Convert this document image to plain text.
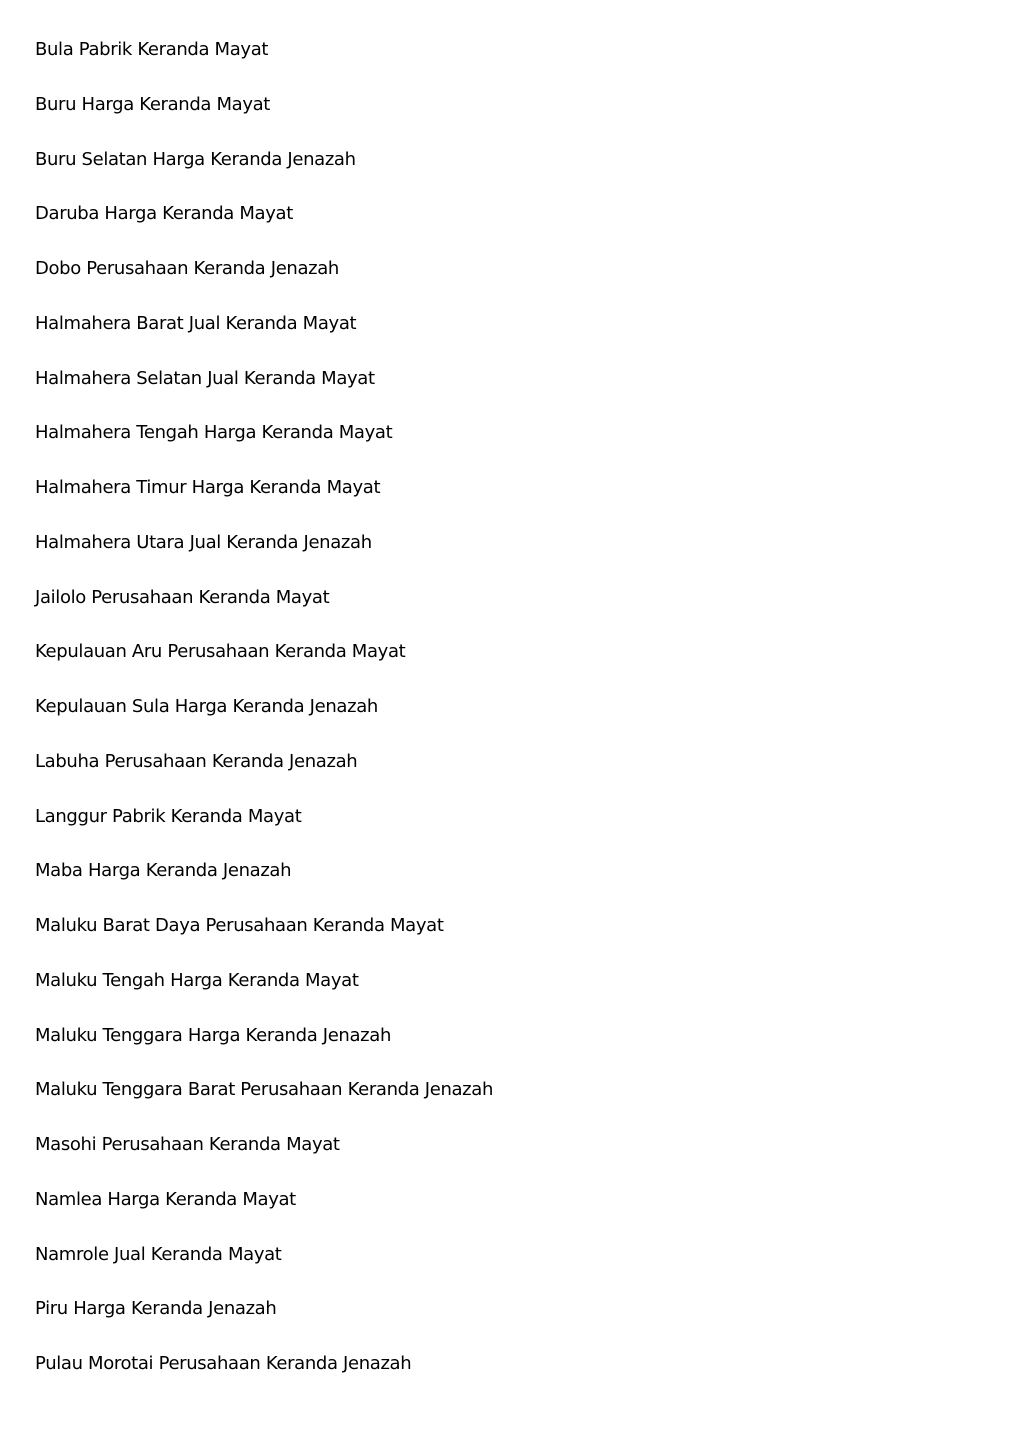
Bula Pabrik Keranda Mayat
Buru Harga Keranda Mayat
Buru Selatan Harga Keranda Jenazah
Daruba Harga Keranda Mayat
Dobo Perusahaan Keranda Jenazah
Halmahera Barat Jual Keranda Mayat
Halmahera Selatan Jual Keranda Mayat
Halmahera Tengah Harga Keranda Mayat
Halmahera Timur Harga Keranda Mayat
Halmahera Utara Jual Keranda Jenazah
Jailolo Perusahaan Keranda Mayat
Kepulauan Aru Perusahaan Keranda Mayat
Kepulauan Sula Harga Keranda Jenazah
Labuha Perusahaan Keranda Jenazah
Langgur Pabrik Keranda Mayat
Maba Harga Keranda Jenazah
Maluku Barat Daya Perusahaan Keranda Mayat
Maluku Tengah Harga Keranda Mayat
Maluku Tenggara Harga Keranda Jenazah
Maluku Tenggara Barat Perusahaan Keranda Jenazah
Masohi Perusahaan Keranda Mayat
Namlea Harga Keranda Mayat
Namrole Jual Keranda Mayat
Piru Harga Keranda Jenazah
Pulau Morotai Perusahaan Keranda Jenazah
